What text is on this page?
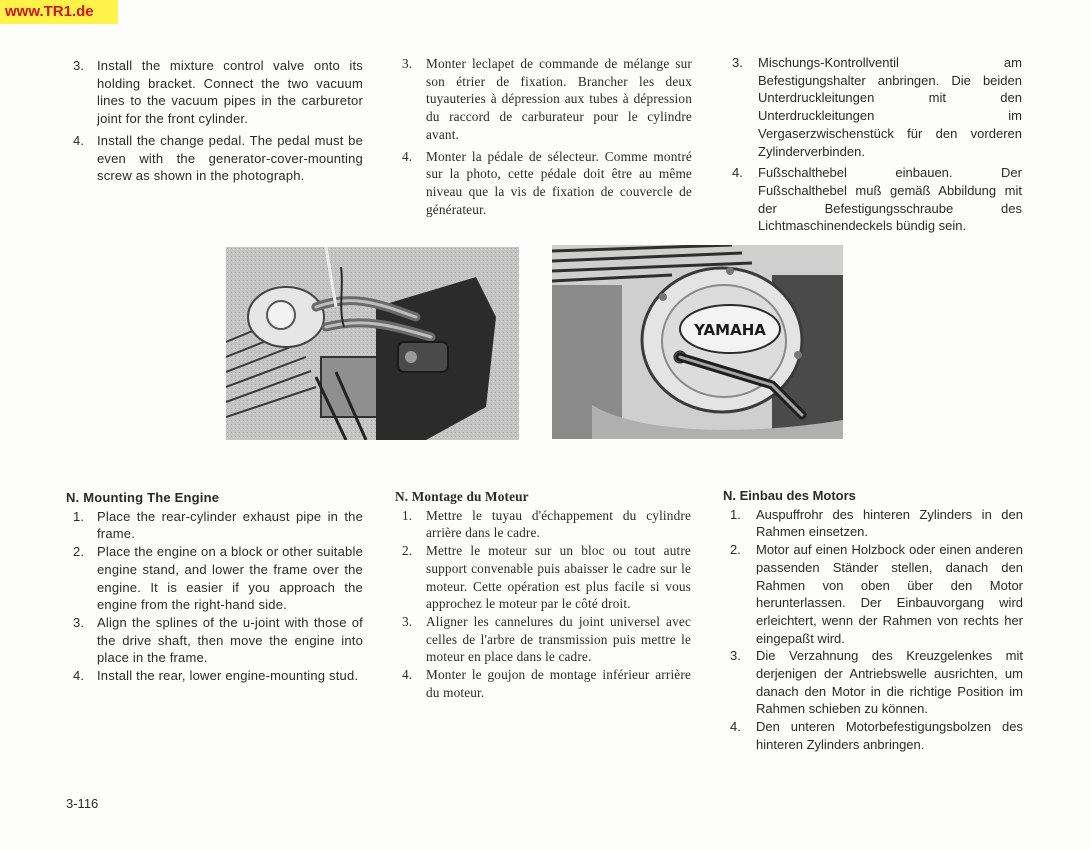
www.TR1.de
3. Install the mixture control valve onto its holding bracket. Connect the two vacuum lines to the vacuum pipes in the carburetor joint for the front cylinder.
4. Install the change pedal. The pedal must be even with the generator-cover-mounting screw as shown in the photograph.
3.	Monter leclapet de commande de mélange sur son étrier de fixation. Brancher les deux tuyauteries à dépression aux tubes à dépression du raccord de carburateur pour le cylindre avant.
4.	Monter la pédale de sélecteur. Comme montré sur la photo, cette pédale doit être au même niveau que la vis de fixation de couvercle de générateur.
3.	Mischungs-Kontrollventil am Befestigungshalter anbringen. Die beiden Unterdruckleitungen mit den Unterdruckleitungen im Vergaserzwischenstück für den vorderen Zylinderverbinden.
4.	Fußschalthebel einbauen. Der Fußschalthebel muß gemäß Abbildung mit der Befestigungsschraube des Lichtmaschinendeckels bündig sein.
YAMAHA
N. Mounting The Engine
1. Place the rear-cylinder exhaust pipe in the frame.
2. Place the engine on a block or other suitable engine stand, and lower the frame over the engine. It is easier if you approach the engine from the right-hand side.
3. Align the splines of the u-joint with those of the drive shaft, then move the engine into place in the frame.
4. Install the rear, lower engine-mounting stud.
N. Montage du Moteur
1.	Mettre le tuyau d'échappement du cylindre arrière dans le cadre.
2.	Mettre le moteur sur un bloc ou tout autre support convenable puis abaisser le cadre sur le moteur. Cette opération est plus facile si vous approchez le moteur par le côté droit.
3.	Aligner les cannelures du joint universel avec celles de l'arbre de transmission puis mettre le moteur en place dans le cadre.
4.	Monter le goujon de montage inférieur arrière du moteur.
N. Einbau des Motors
1.	Auspuffrohr des hinteren Zylinders in den Rahmen einsetzen.
2.	Motor auf einen Holzbock oder einen anderen passenden Ständer stellen, danach den Rahmen von oben über den Motor herunterlassen. Der Einbauvorgang wird erleichtert, wenn der Rahmen von rechts her eingepaßt wird.
3.	Die Verzahnung des Kreuzgelenkes mit derjenigen der Antriebswelle ausrichten, um danach den Motor in die richtige Position im Rahmen schieben zu können.
4.	Den unteren Motorbefestigungsbolzen des hinteren Zylinders anbringen.
3-116
